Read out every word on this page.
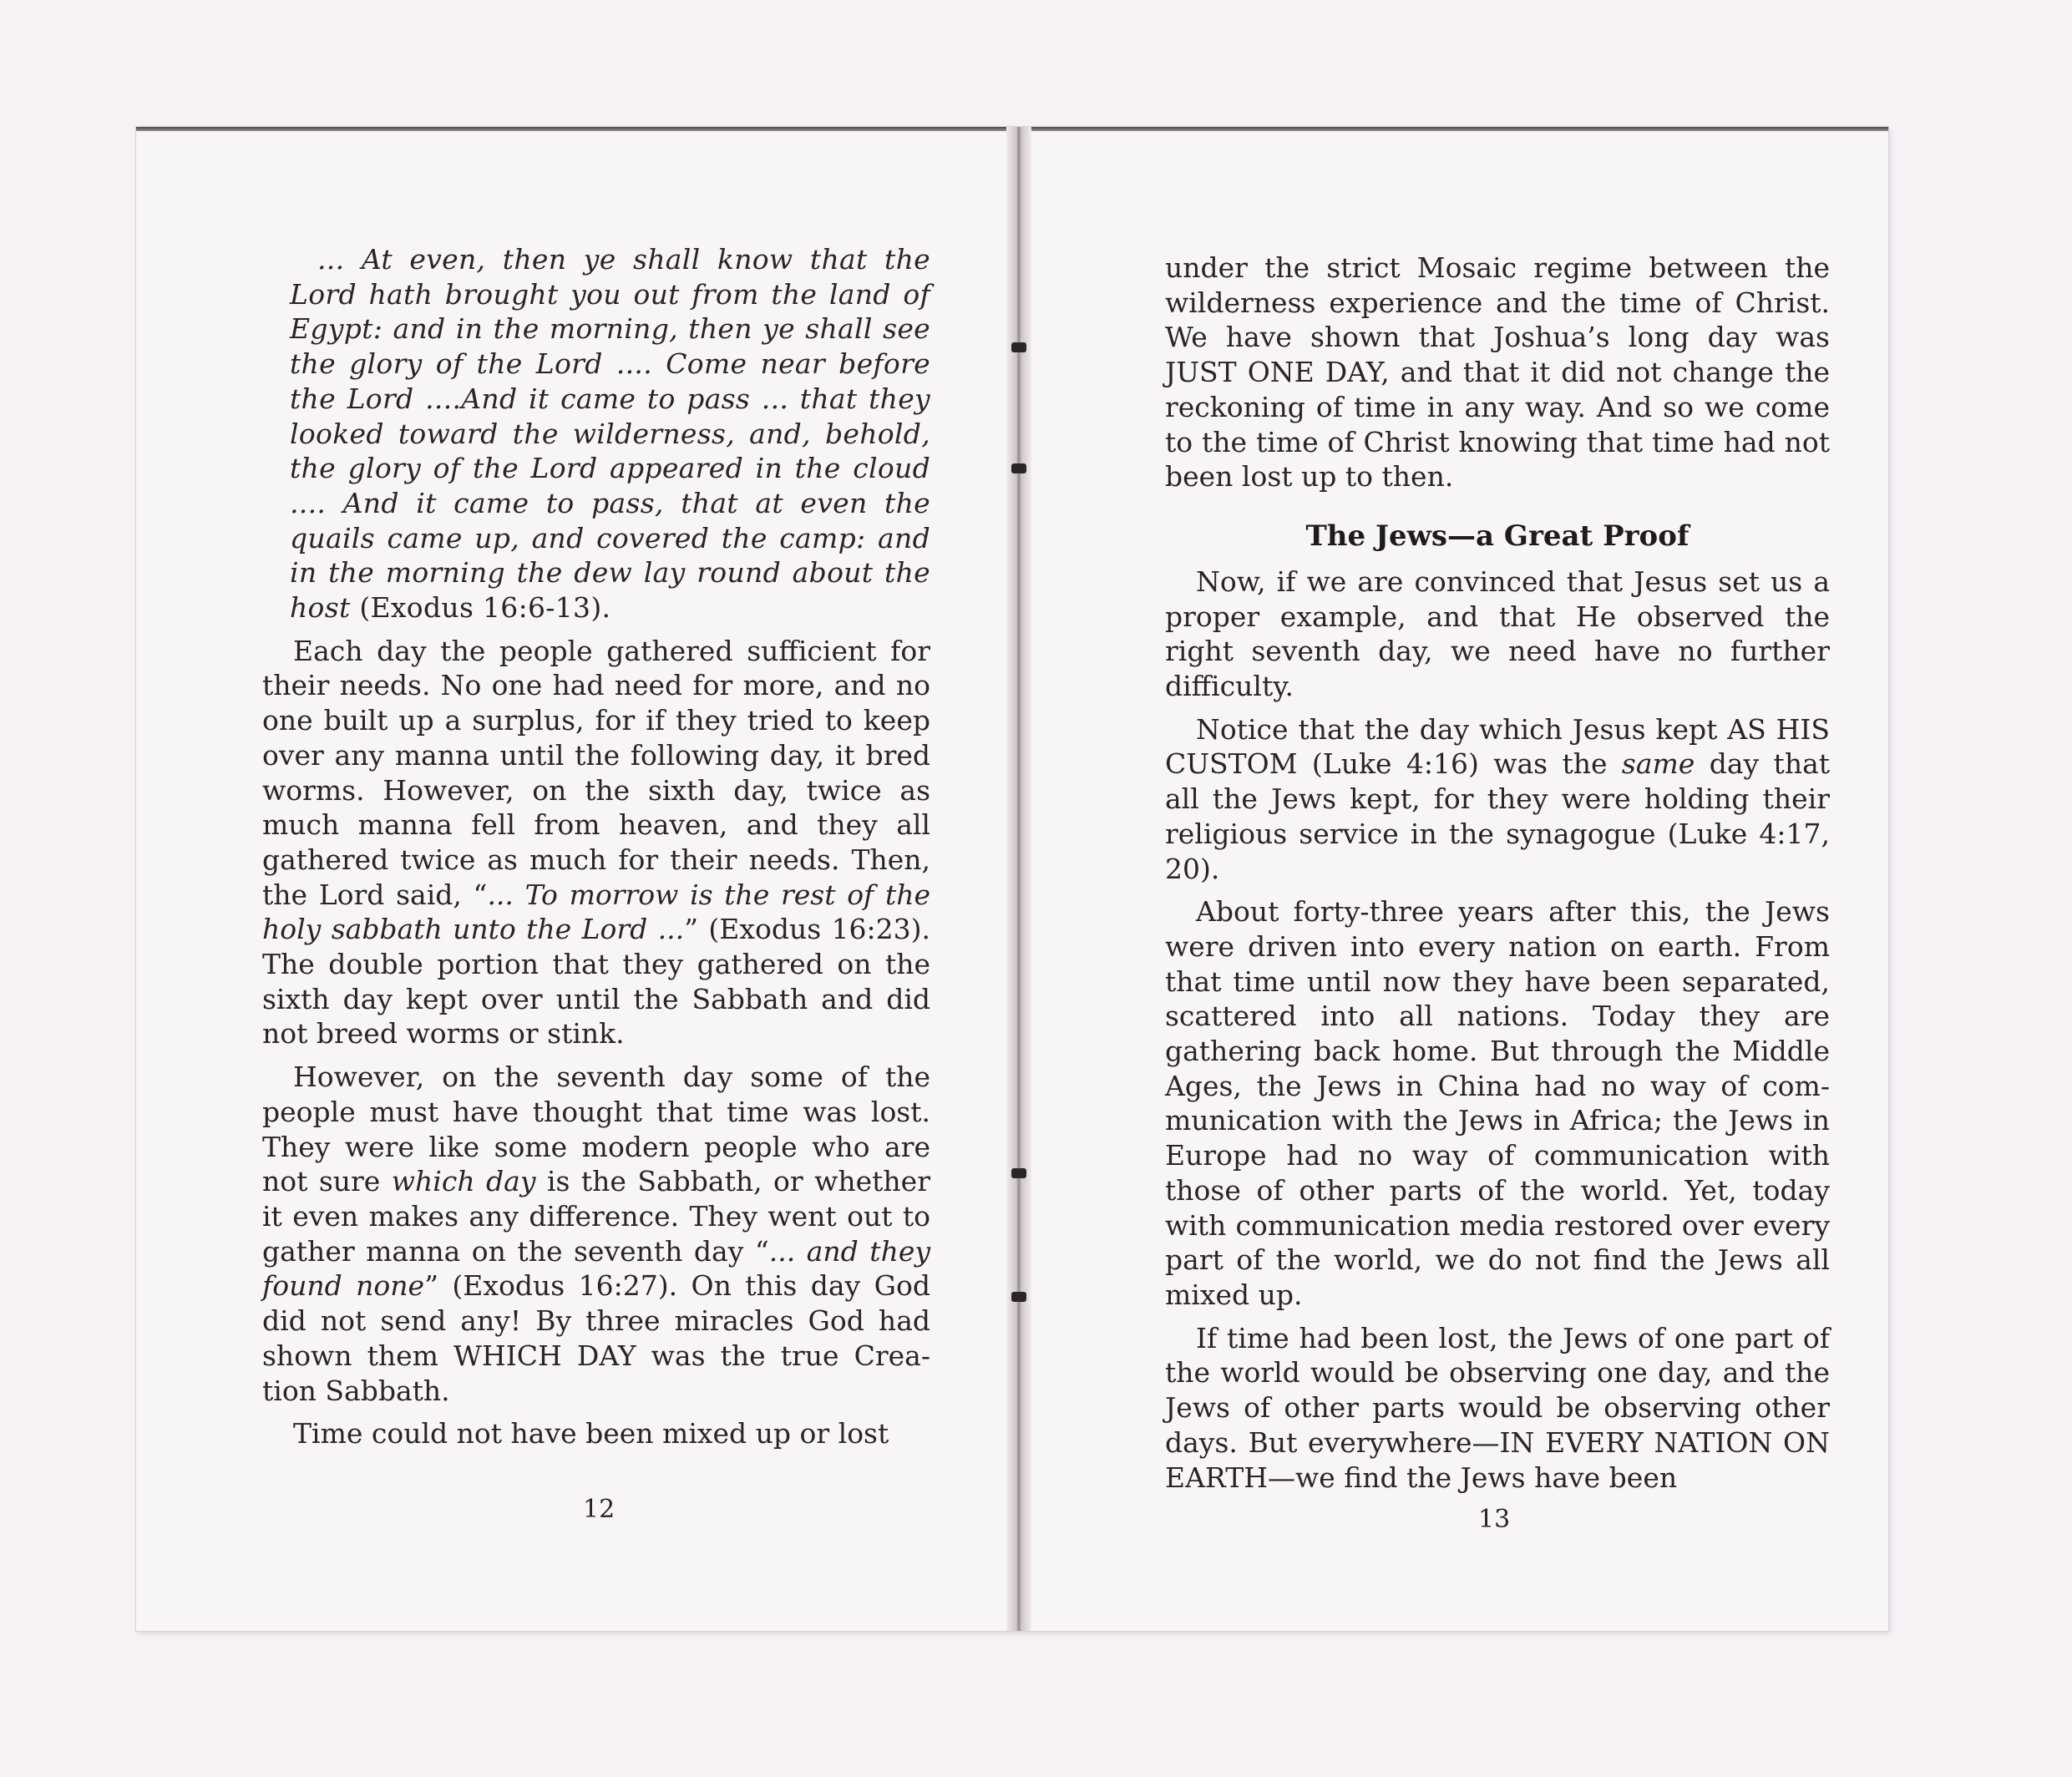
... At even, then ye shall know that the Lord hath brought you out from the land of Egypt: and in the morning, then ye shall see the glory of the Lord .... Come near before the Lord ....And it came to pass ... that they looked toward the wilderness, and, behold, the glory of the Lord appeared in the cloud .... And it came to pass, that at even the quails came up, and covered the camp: and in the morning the dew lay round about the host (Exodus 16:6-13).

Each day the people gathered sufficient for their needs. No one had need for more, and no one built up a surplus, for if they tried to keep over any manna until the following day, it bred worms. However, on the sixth day, twice as much manna fell from heaven, and they all gathered twice as much for their needs. Then, the Lord said, “... To morrow is the rest of the holy sabbath unto the Lord ...” (Exodus 16:23). The double portion that they gathered on the sixth day kept over until the Sabbath and did not breed worms or stink.

However, on the seventh day some of the people must have thought that time was lost. They were like some modern people who are not sure which day is the Sabbath, or whether it even makes any difference. They went out to gather manna on the seventh day “... and they found none” (Exodus 16:27). On this day God did not send any! By three miracles God had shown them WHICH DAY was the true Crea-tion Sabbath.

Time could not have been mixed up or lost

12

under the strict Mosaic regime between the wilderness experience and the time of Christ. We have shown that Joshua’s long day was JUST ONE DAY, and that it did not change the reckoning of time in any way. And so we come to the time of Christ knowing that time had not been lost up to then.

The Jews—a Great Proof

Now, if we are convinced that Jesus set us a proper example, and that He observed the right seventh day, we need have no further difficulty.

Notice that the day which Jesus kept AS HIS CUSTOM (Luke 4:16) was the same day that all the Jews kept, for they were holding their religious service in the synagogue (Luke 4:17, 20).

About forty-three years after this, the Jews were driven into every nation on earth. From that time until now they have been separated, scattered into all nations. Today they are gathering back home. But through the Middle Ages, the Jews in China had no way of com-munication with the Jews in Africa; the Jews in Europe had no way of communication with those of other parts of the world. Yet, today with communication media restored over every part of the world, we do not find the Jews all mixed up.

If time had been lost, the Jews of one part of the world would be observing one day, and the Jews of other parts would be observing other days. But everywhere—IN EVERY NATION ON EARTH—we find the Jews have been

13
